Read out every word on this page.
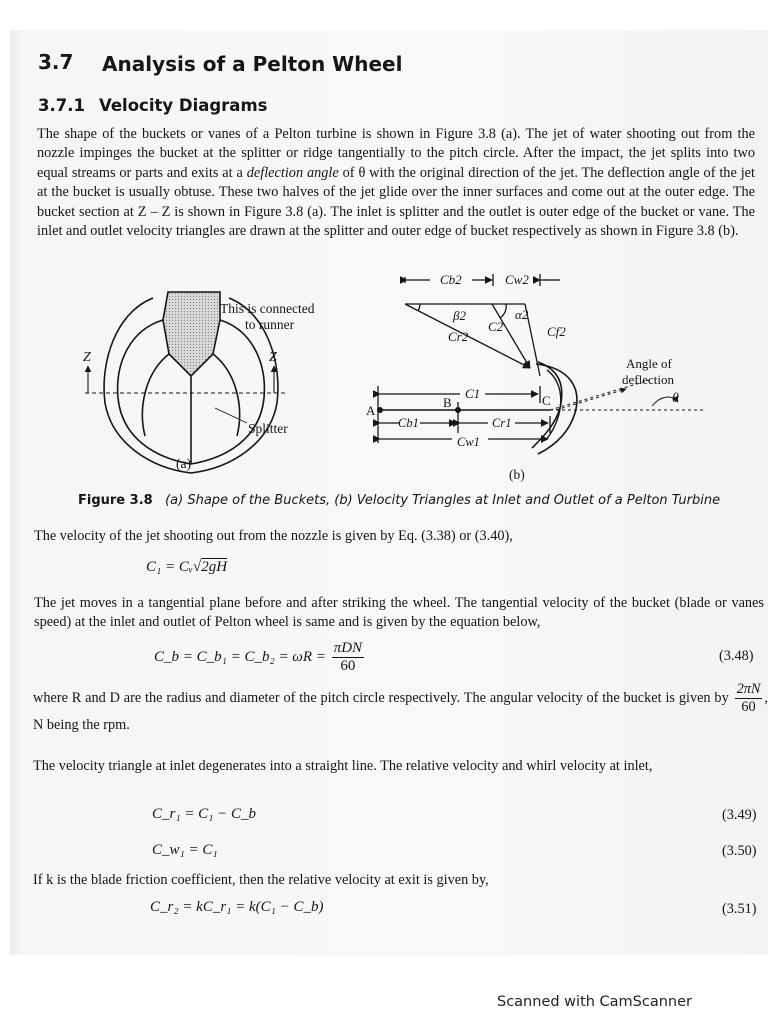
3.7 Analysis of a Pelton Wheel
3.7.1 Velocity Diagrams
The shape of the buckets or vanes of a Pelton turbine is shown in Figure 3.8 (a). The jet of water shooting out from the nozzle impinges the bucket at the splitter or ridge tangentially to the pitch circle. After the impact, the jet splits into two equal streams or parts and exits at a deflection angle of θ with the original direction of the jet. The deflection angle of the jet at the bucket is usually obtuse. These two halves of the jet glide over the inner surfaces and come out at the outer edge. The bucket section at Z – Z is shown in Figure 3.8 (a). The inlet is splitter and the outlet is outer edge of the bucket or vane. The inlet and outlet velocity triangles are drawn at the splitter and outer edge of bucket respectively as shown in Figure 3.8 (b).
This is connected
to runner
Z	Z
Splitter
(a)
Cb2	Cw2
β2	α2
Cr2
C2	Cf2
Angle of
deflection
θ
C1
A
B	C
Cb1	Cr1
Cw1
(b)
Figure 3.8 (a) Shape of the Buckets, (b) Velocity Triangles at Inlet and Outlet of a Pelton Turbine
The velocity of the jet shooting out from the nozzle is given by Eq. (3.38) or (3.40),
C₁ = Cᵥ√2gH
The jet moves in a tangential plane before and after striking the wheel. The tangential velocity of the bucket (blade or vanes speed) at the inlet and outlet of Pelton wheel is same and is given by the equation below,
C_b = C_b₁ = C_b₂ = $\omega R = \frac{\text{πDN}}{60}$	(3.48)
where R and D are the radius and diameter of the pitch circle respectively. The angular velocity of the bucket is given by $\frac{2\pi N}{60}$ , N being the rpm.
The velocity triangle at inlet degenerates into a straight line. The relative velocity and whirl velocity at inlet,
C_r₁ = C₁ − C_b	(3.49)
C_w₁ = C₁	(3.50)
If k is the blade friction coefficient, then the relative velocity at exit is given by,
C_r₂ = kC_r₁ = k(C₁ − C_b)	(3.51)
Scanned with CamScanner
